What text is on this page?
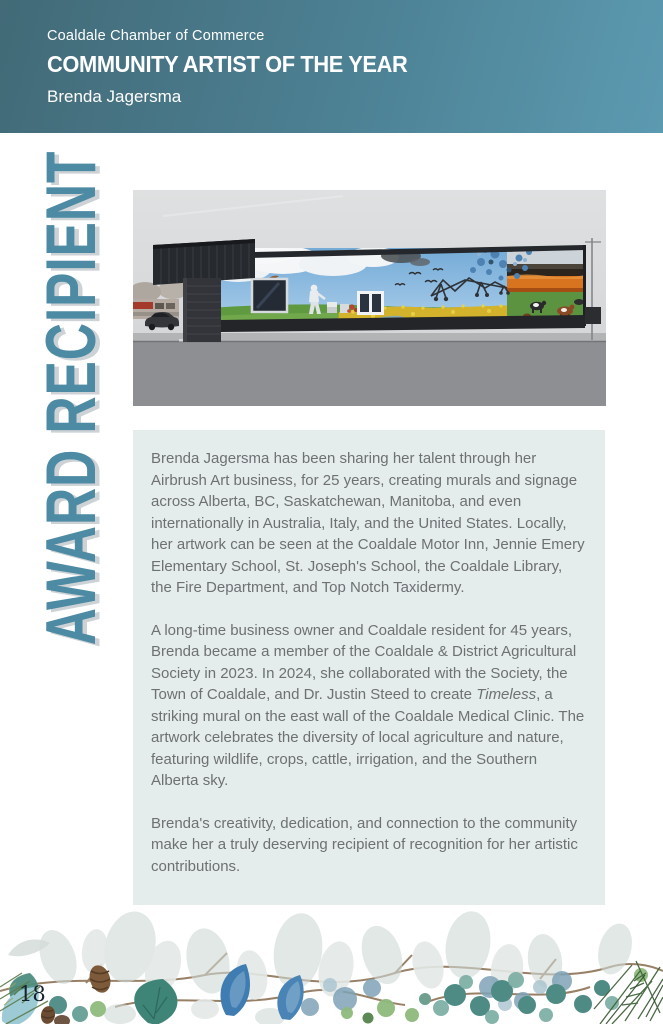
Coaldale Chamber of Commerce

COMMUNITY ARTIST OF THE YEAR

Brenda Jagersma

AWARD RECIPIENT	Brenda Jagersma has been sharing her talent through her Airbrush Art business, for 25 years, creating murals and signage across Alberta, BC, Saskatchewan, Manitoba, and even internationally in Australia, Italy, and the United States. Locally, her artwork can be seen at the Coaldale Motor Inn, Jennie Emery Elementary School, St. Joseph's School, the Coaldale Library, the Fire Department, and Top Notch Taxidermy.

A long-time business owner and Coaldale resident for 45 years, Brenda became a member of the Coaldale & District Agricultural Society in 2023. In 2024, she collaborated with the Society, the Town of Coaldale, and Dr. Justin Steed to create Timeless, a striking mural on the east wall of the Coaldale Medical Clinic. The artwork celebrates the diversity of local agriculture and nature, featuring wildlife, crops, cattle, irrigation, and the Southern Alberta sky.

Brenda's creativity, dedication, and connection to the community make her a truly deserving recipient of recognition for her artistic contributions.

18
